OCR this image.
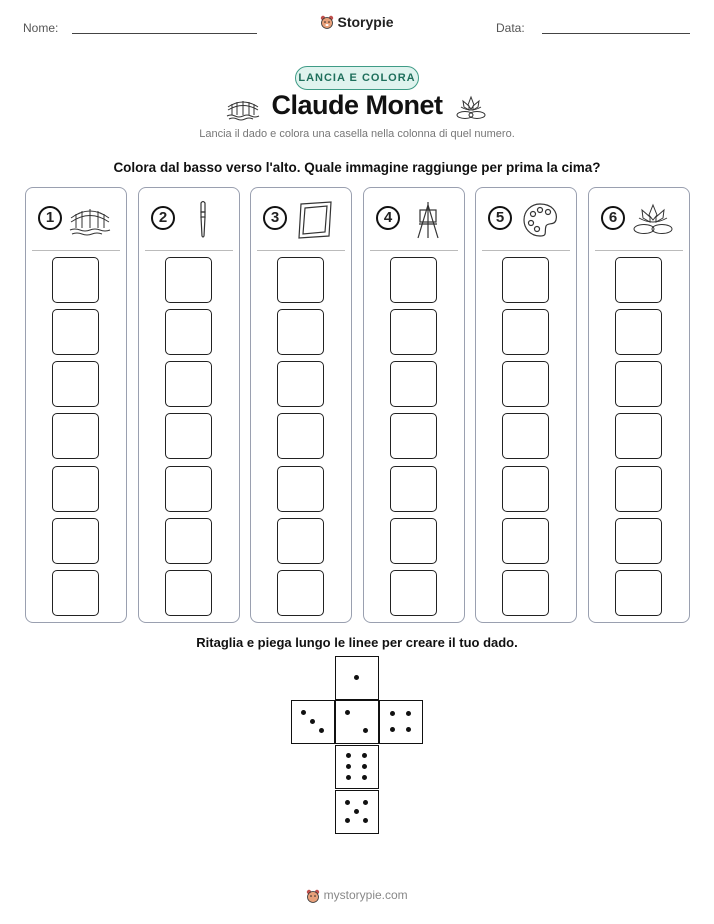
Nome:	Storypie	Data:
LANCIA E COLORA
Claude Monet
Lancia il dado e colora una casella nella colonna di quel numero.
Colora dal basso verso l'alto. Quale immagine raggiunge per prima la cima?
1	2	3	4	5	6
Ritaglia e piega lungo le linee per creare il tuo dado.
mystorypie.com
